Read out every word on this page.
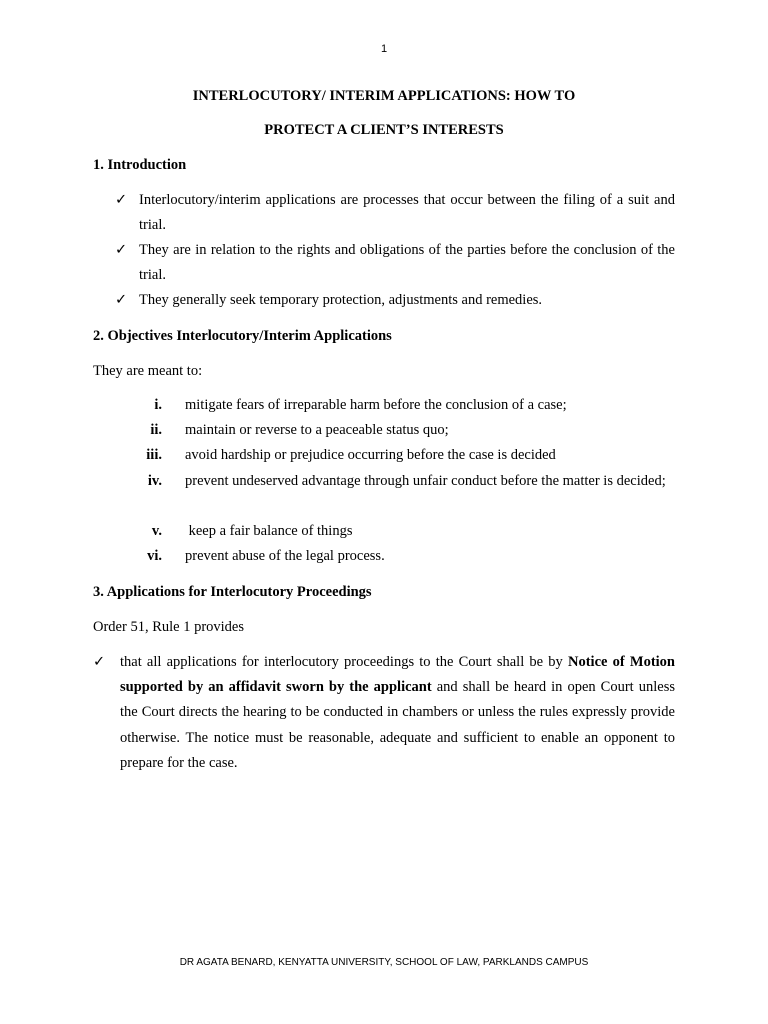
1
INTERLOCUTORY/ INTERIM APPLICATIONS: HOW TO
PROTECT A CLIENT’S INTERESTS
1. Introduction
✓ Interlocutory/interim applications are processes that occur between the filing of a suit and trial.
✓ They are in relation to the rights and obligations of the parties before the conclusion of the trial.
✓ They generally seek temporary protection, adjustments and remedies.
2. Objectives Interlocutory/Interim Applications
They are meant to:
i.	mitigate fears of irreparable harm before the conclusion of a case;
ii.	maintain or reverse to a peaceable status quo;
iii.	avoid hardship or prejudice occurring before the case is decided
iv.	prevent undeserved advantage through unfair conduct before the matter is decided;
v.	keep a fair balance of things
vi.	prevent abuse of the legal process.
3. Applications for Interlocutory Proceedings
Order 51, Rule 1 provides
✓	that all applications for interlocutory proceedings to the Court shall be by Notice of Motion supported by an affidavit sworn by the applicant and shall be heard in open Court unless the Court directs the hearing to be conducted in chambers or unless the rules expressly provide otherwise. The notice must be reasonable, adequate and sufficient to enable an opponent to prepare for the case.
DR AGATA BENARD, KENYATTA UNIVERSITY, SCHOOL OF LAW, PARKLANDS CAMPUS
